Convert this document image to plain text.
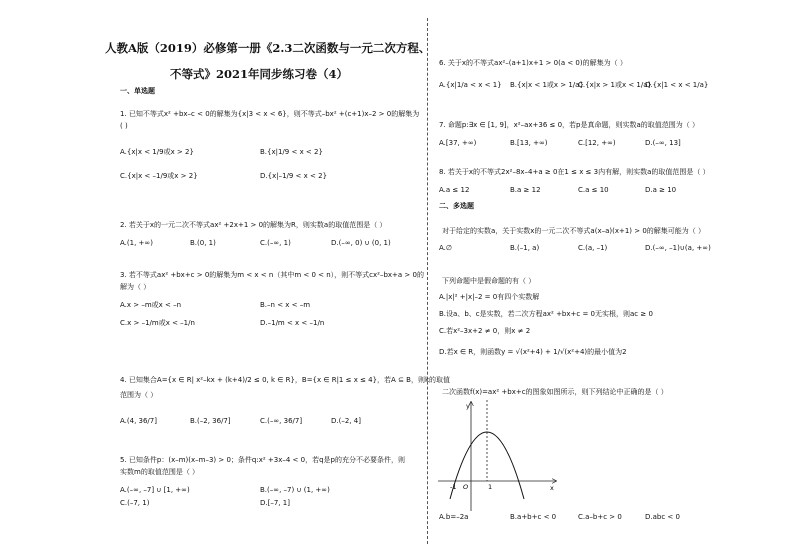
人教A版（2019）必修第一册《2.3二次函数与一元二次方程、
不等式》2021年同步练习卷（4）
一、单选题
1. 已知不等式x² +bx–c < 0的解集为{x|3 < x < 6}，则不等式–bx² +(c+1)x–2 > 0的解集为
( )
A.{x|x < 1/9或x > 2}	B.{x|1/9 < x < 2}
C.{x|x < –1/9或x > 2}	D.{x|–1/9 < x < 2}
2. 若关于x的一元二次不等式ax² +2x+1 > 0的解集为R，则实数a的取值范围是（ ）
A.(1, +∞)	B.(0, 1)	C.(–∞, 1)	D.(–∞, 0) ∪ (0, 1)
3. 若不等式ax² +bx+c > 0的解集为m < x < n（其中m < 0 < n），则不等式cx²–bx+a > 0的
解为（ ）
A.x > –m或x < –n	B.–n < x < –m
C.x > –1/m或x < –1/n	D.–1/m < x < –1/n
4. 已知集合A={x ∈ R| x²–kx + (k+4)/2 ≤ 0, k ∈ R}，B={x ∈ R|1 ≤ x ≤ 4}，若A ⊆ B，则k的取值
范围为（ ）
A.(4, 36/7]	B.(–2, 36/7]	C.(–∞, 36/7]	D.(–2, 4]
5. 已知条件p：(x–m)(x–m–3) > 0；条件q:x² +3x–4 < 0，若q是p的充分不必要条件，则
实数m的取值范围是（ ）
A.(–∞, –7] ∪ [1, +∞)	B.(–∞, –7) ∪ (1, +∞)
C.(–7, 1)	D.[–7, 1]
6. 关于x的不等式ax²–(a+1)x+1 > 0(a < 0)的解集为（ ）
A.{x|1/a < x < 1} B.{x|x < 1或x > 1/a}
C.{x|x > 1或x < 1/a}
D.{x|1 < x < 1/a}
7. 命题p:∃x ∈ [1, 9]，x²–ax+36 ≤ 0，若p是真命题，则实数a的取值范围为（ ）
A.[37, +∞)	B.[13, +∞)	C.[12, +∞)	D.(–∞, 13]
8. 若关于x的不等式2x²–8x–4+a ≥ 0在1 ≤ x ≤ 3内有解，则实数a的取值范围是（ ）
A.a ≤ 12	B.a ≥ 12	C.a ≤ 10	D.a ≥ 10
二、多选题
对于给定的实数a，关于实数x的一元二次不等式a(x–a)(x+1) > 0的解集可能为（ ）
A.∅	B.(–1, a)	C.(a, –1)	D.(–∞, –1)∪(a, +∞)
下列命题中是假命题的有（ ）
A.|x|² +|x|–2 = 0有四个实数解
B.设a、b、c是实数，若二次方程ax² +bx+c = 0无实根，则ac ≥ 0
C.若x²–3x+2 ≠ 0，则x ≠ 2
D.若x ∈ R，则函数y = √(x²+4) + 1/√(x²+4)的最小值为2
二次函数f(x)=ax² +bx+c的图象如图所示，则下列结论中正确的是（ ）
y
x
O
-1	1
A.b=–2a	B.a+b+c < 0	C.a–b+c > 0	D.abc < 0
